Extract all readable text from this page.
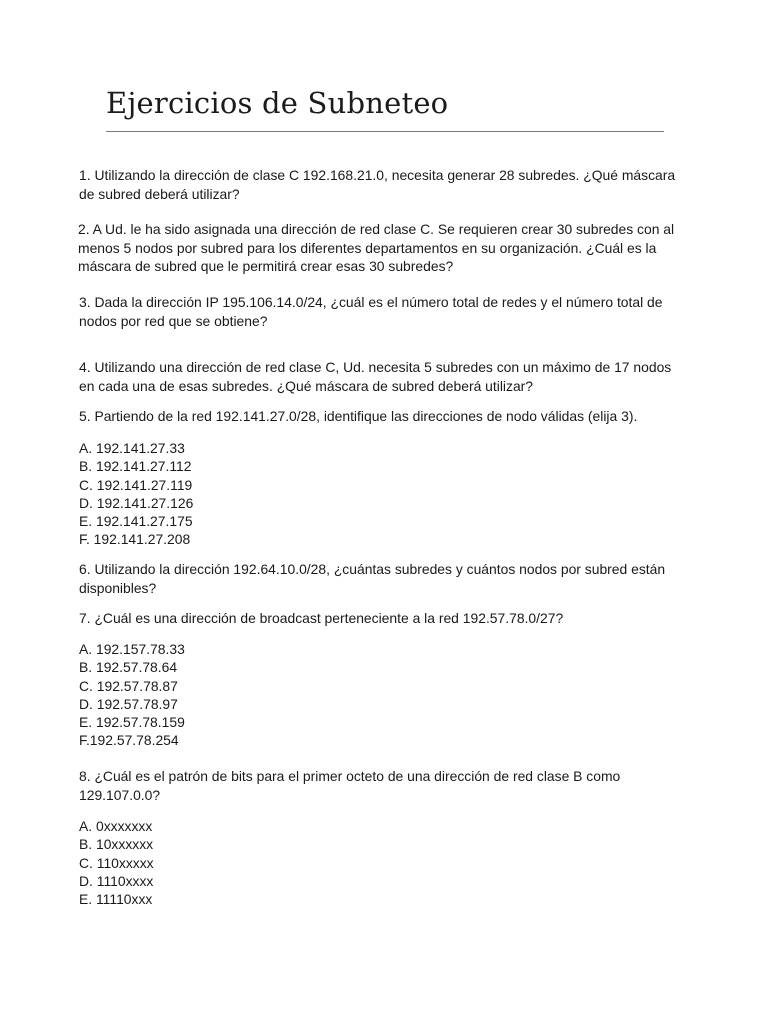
Ejercicios de Subneteo

1. Utilizando la dirección de clase C 192.168.21.0, necesita generar 28 subredes. ¿Qué máscara de subred deberá utilizar?

2. A Ud. le ha sido asignada una dirección de red clase C. Se requieren crear 30 subredes con al menos 5 nodos por subred para los diferentes departamentos en su organización. ¿Cuál es la máscara de subred que le permitirá crear esas 30 subredes?

3. Dada la dirección IP 195.106.14.0/24, ¿cuál es el número total de redes y el número total de nodos por red que se obtiene?

4. Utilizando una dirección de red clase C, Ud. necesita 5 subredes con un máximo de 17 nodos en cada una de esas subredes. ¿Qué máscara de subred deberá utilizar?

5. Partiendo de la red 192.141.27.0/28, identifique las direcciones de nodo válidas (elija 3).

A. 192.141.27.33
B. 192.141.27.112
C. 192.141.27.119
D. 192.141.27.126
E. 192.141.27.175
F. 192.141.27.208

6. Utilizando la dirección 192.64.10.0/28, ¿cuántas subredes y cuántos nodos por subred están disponibles?

7. ¿Cuál es una dirección de broadcast perteneciente a la red 192.57.78.0/27?

A. 192.157.78.33
B. 192.57.78.64
C. 192.57.78.87
D. 192.57.78.97
E. 192.57.78.159
F.192.57.78.254

8. ¿Cuál es el patrón de bits para el primer octeto de una dirección de red clase B como 129.107.0.0?

A. 0xxxxxxx
B. 10xxxxxx
C. 110xxxxx
D. 1110xxxx
E. 11110xxx
